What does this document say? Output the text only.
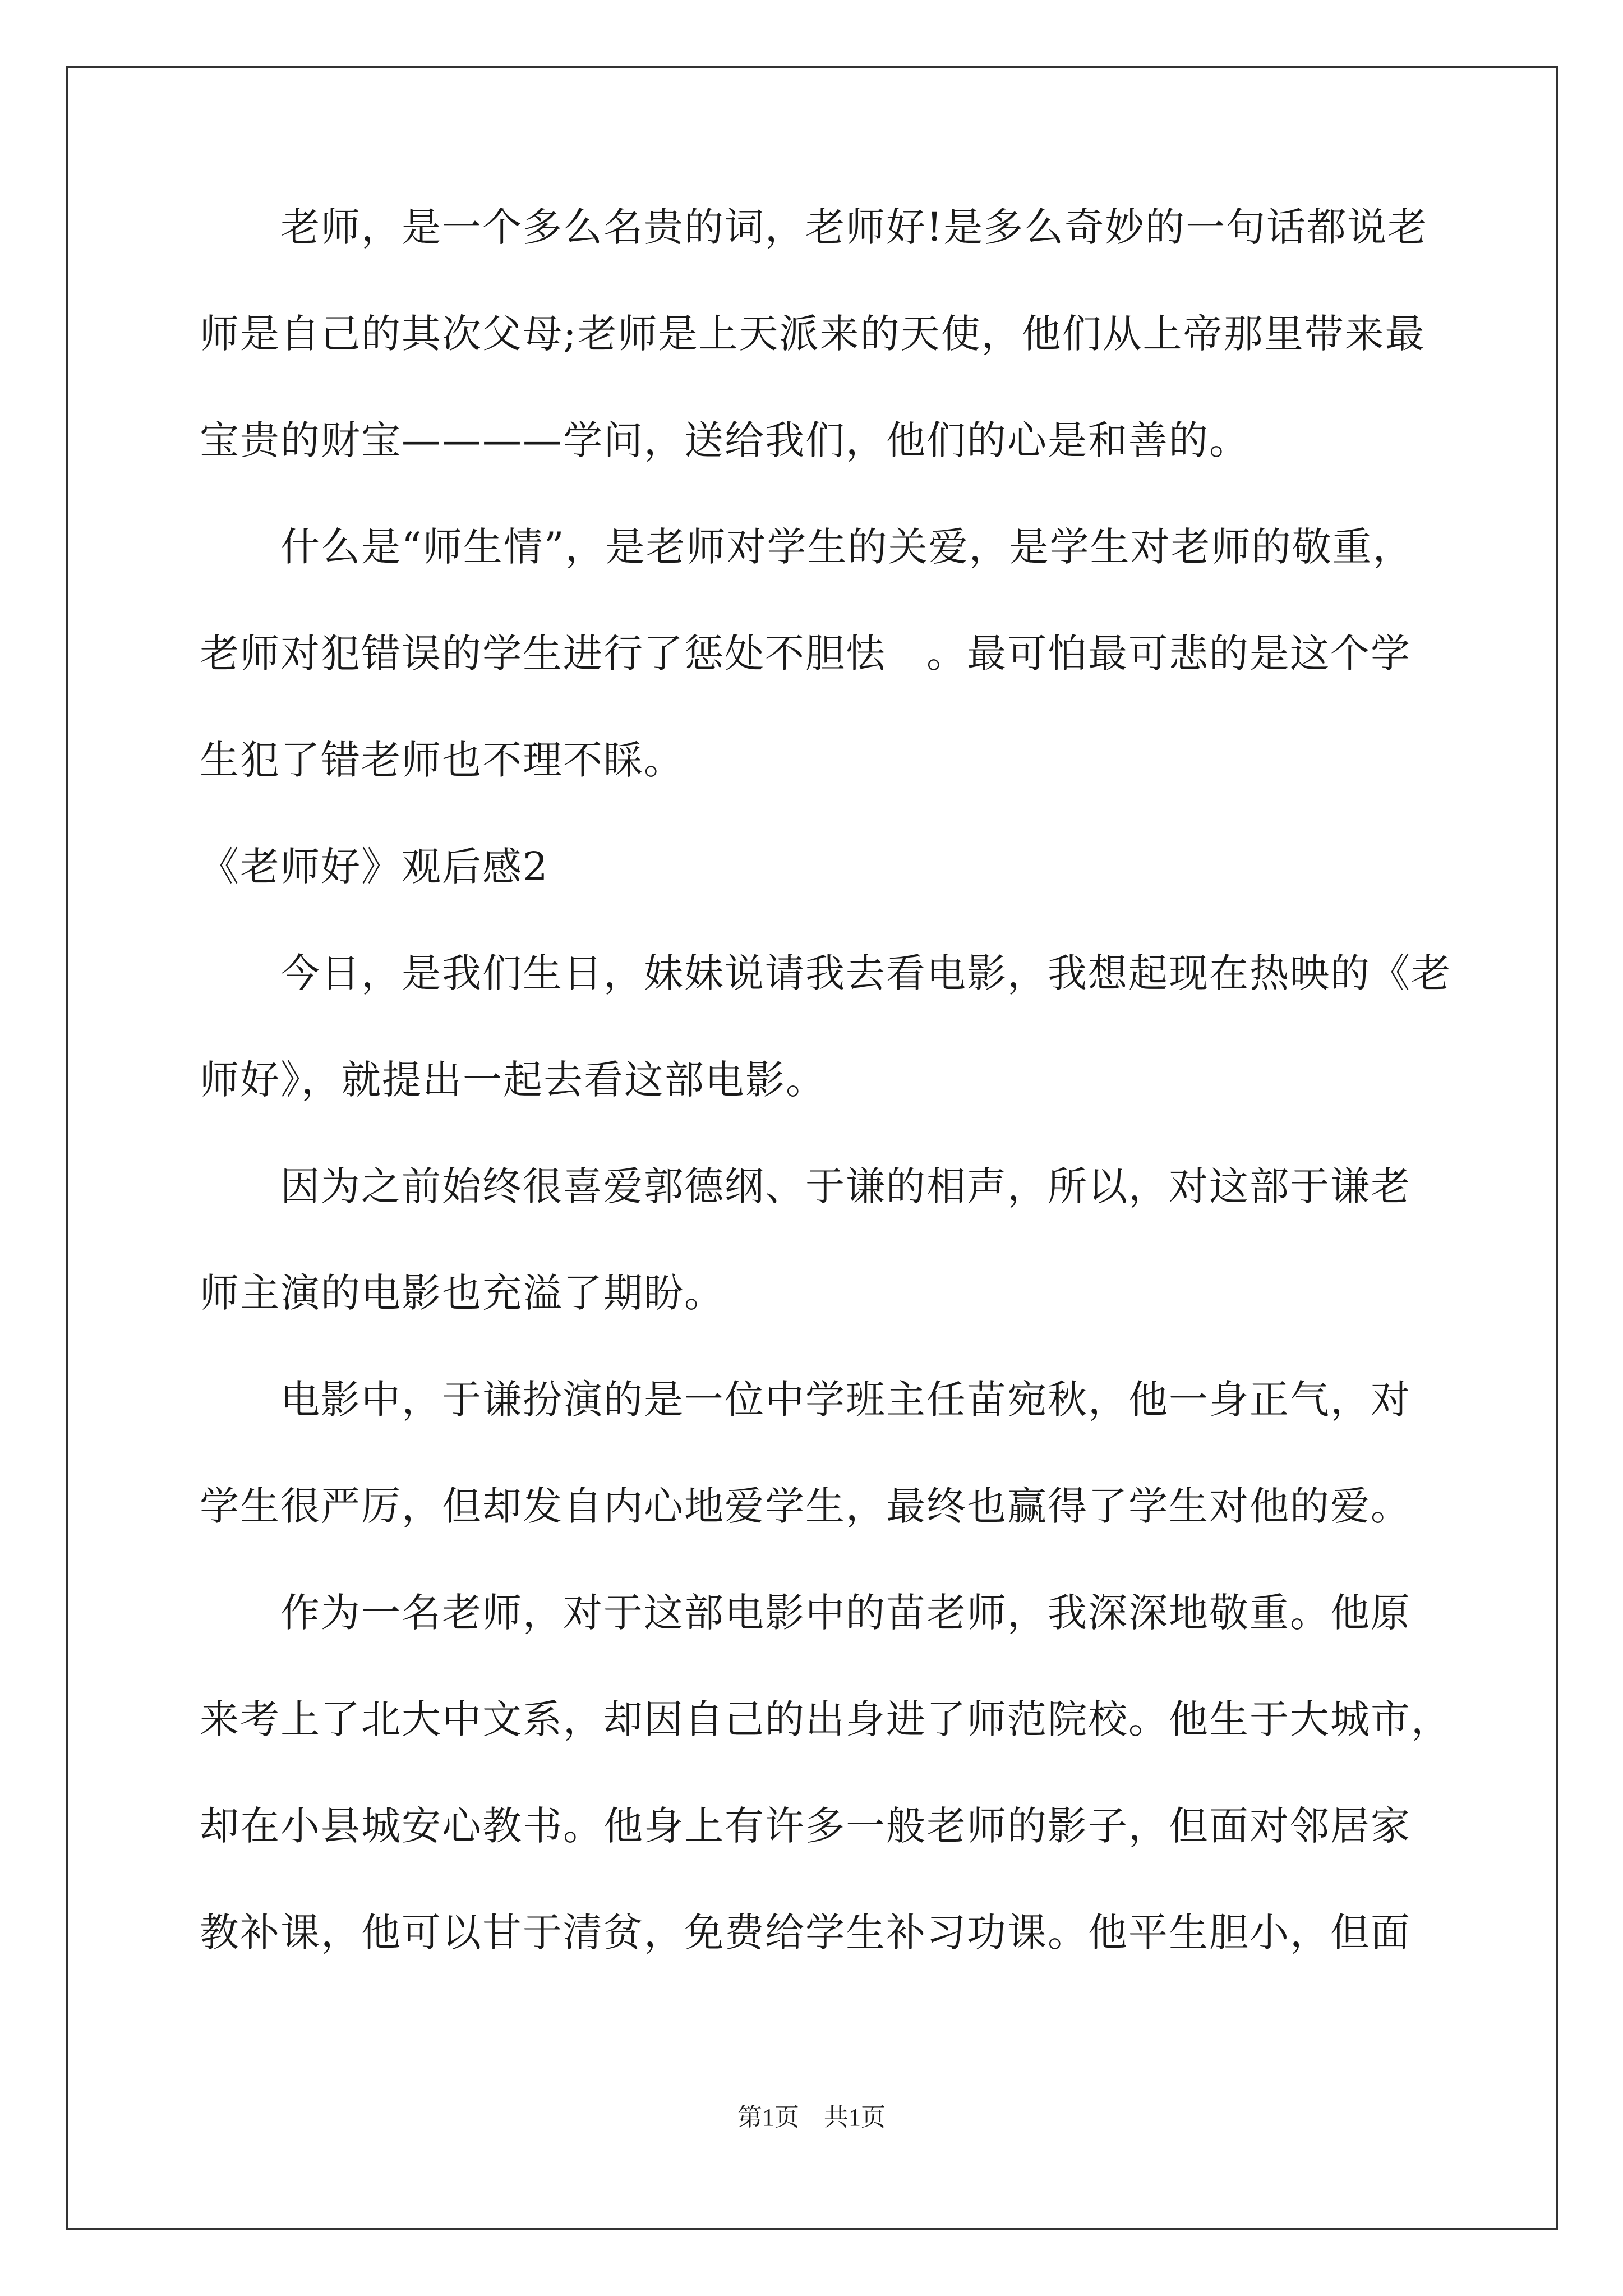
　　老师，是一个多么名贵的词，老师好!是多么奇妙的一句话都说老
师是自己的其次父母;老师是上天派来的天使，他们从上帝那里带来最
宝贵的财宝————学问，送给我们，他们的心是和善的。
　　什么是“师生情”，是老师对学生的关爱，是学生对老师的敬重，
老师对犯错误的学生进行了惩处不胆怯　。最可怕最可悲的是这个学
生犯了错老师也不理不睬。
《老师好》观后感2
　　今日，是我们生日，妹妹说请我去看电影，我想起现在热映的《老
师好》，就提出一起去看这部电影。
　　因为之前始终很喜爱郭德纲、于谦的相声，所以，对这部于谦老
师主演的电影也充溢了期盼。
　　电影中，于谦扮演的是一位中学班主任苗宛秋，他一身正气，对
学生很严厉，但却发自内心地爱学生，最终也赢得了学生对他的爱。
　　作为一名老师，对于这部电影中的苗老师，我深深地敬重。他原
来考上了北大中文系，却因自己的出身进了师范院校。他生于大城市，
却在小县城安心教书。他身上有许多一般老师的影子，但面对邻居家
教补课，他可以甘于清贫，免费给学生补习功课。他平生胆小，但面
第1页　共1页
